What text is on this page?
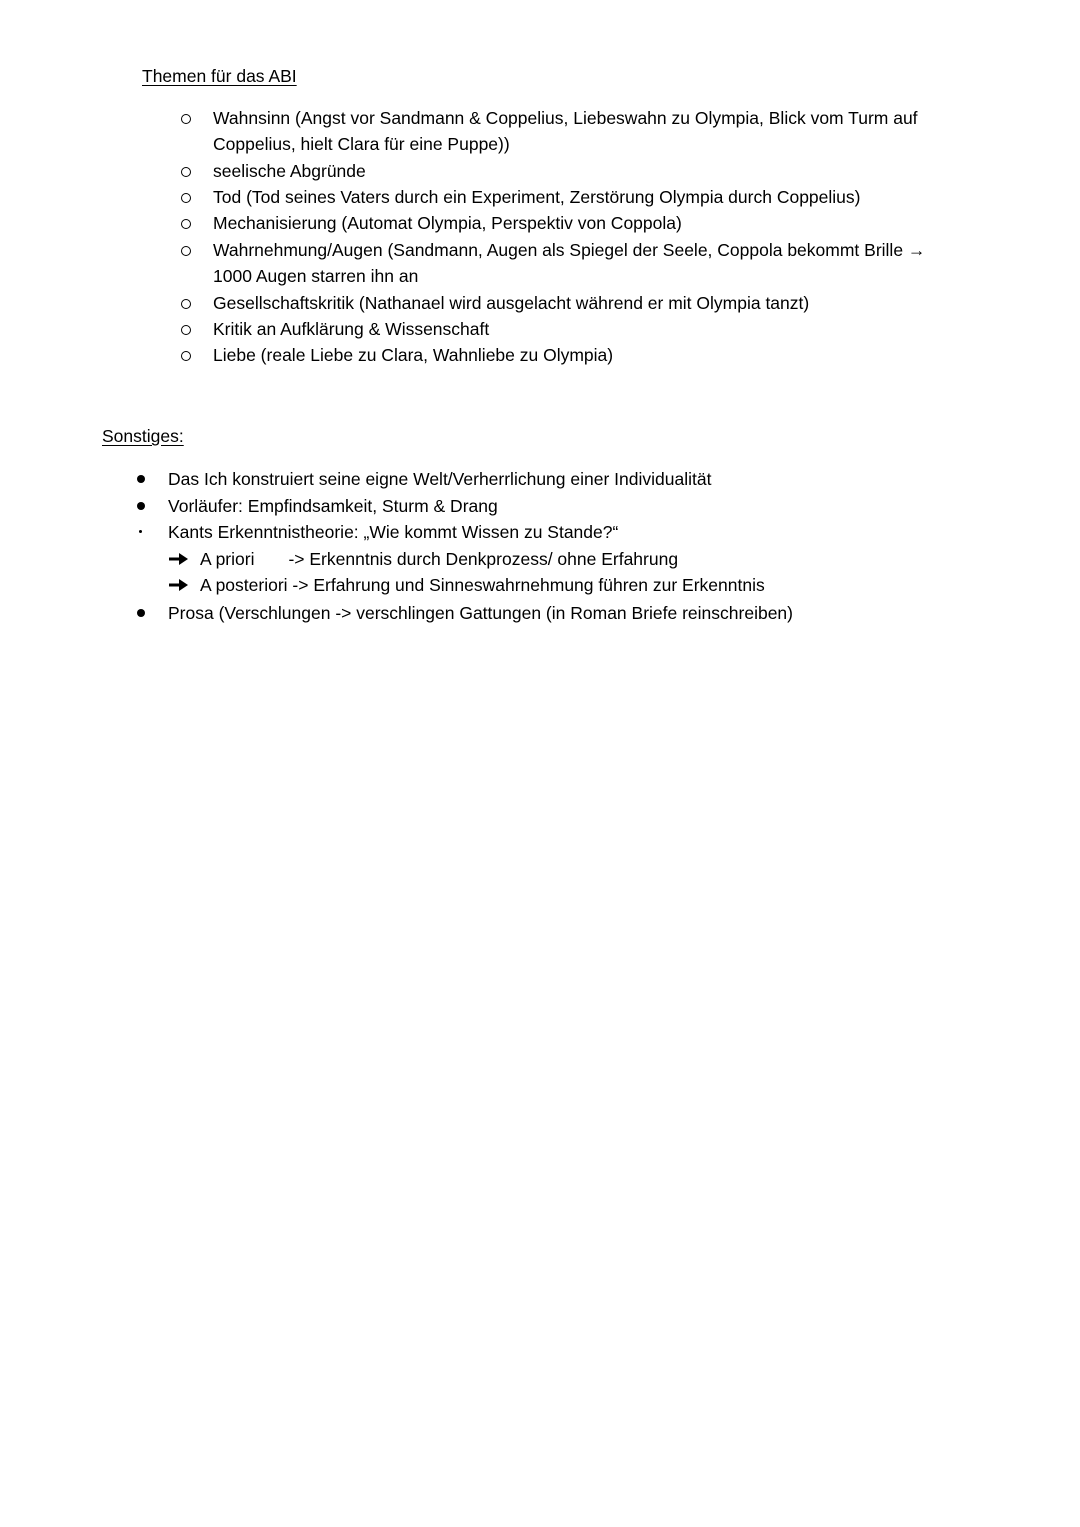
Themen für das ABI
Wahnsinn (Angst vor Sandmann & Coppelius, Liebeswahn zu Olympia, Blick vom Turm auf
Coppelius, hielt Clara für eine Puppe))
seelische Abgründe
Tod (Tod seines Vaters durch ein Experiment, Zerstörung Olympia durch Coppelius)
Mechanisierung (Automat Olympia, Perspektiv von Coppola)
Wahrnehmung/Augen (Sandmann, Augen als Spiegel der Seele, Coppola bekommt Brille →
1000 Augen starren ihn an
Gesellschaftskritik (Nathanael wird ausgelacht während er mit Olympia tanzt)
Kritik an Aufklärung & Wissenschaft
Liebe (reale Liebe zu Clara, Wahnliebe zu Olympia)
Sonstiges:
Das Ich konstruiert seine eigne Welt/Verherrlichung einer Individualität
Vorläufer: Empfindsamkeit, Sturm & Drang
Kants Erkenntnistheorie: „Wie kommt Wissen zu Stande?“
A priori -> Erkenntnis durch Denkprozess/ ohne Erfahrung
A posteriori -> Erfahrung und Sinneswahrnehmung führen zur Erkenntnis
Prosa (Verschlungen -> verschlingen Gattungen (in Roman Briefe reinschreiben)
